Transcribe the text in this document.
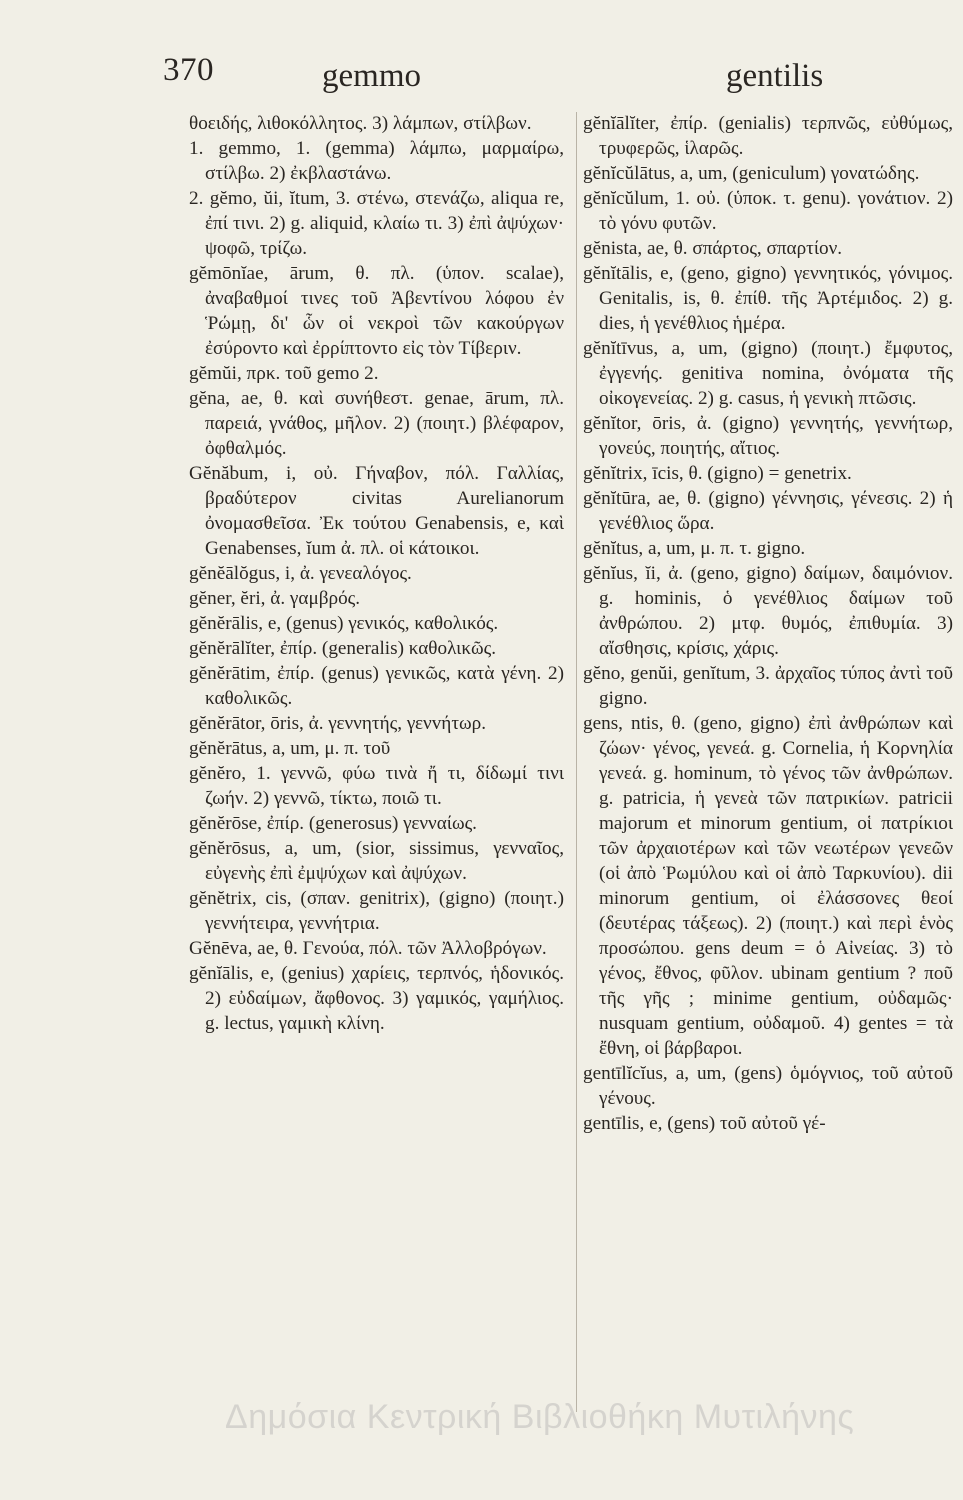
370	gemmo	gentilis

θοειδής, λιθοκόλλητος. 3) λάμπων, στίλβων.

1. gemmo, 1. (gemma) λάμπω, μαρμαίρω, στίλβω. 2) ἐκβλαστάνω.

2. gĕmo, ŭi, ĭtum, 3. στένω, στενάζω, aliqua re, ἐπί τινι. 2) g. aliquid, κλαίω τι. 3) ἐπὶ ἀψύχων· ψοφῶ, τρίζω.

gĕmōnĭae, ārum, θ. πλ. (ὑπον. scalae), ἀναβαθμοί τινες τοῦ Ἀβεντίνου λόφου ἐν Ῥώμῃ, δι' ὧν οἱ νεκροὶ τῶν κακούργων ἐσύροντο καὶ ἐρρίπτοντο εἰς τὸν Τίβεριν.

gĕmŭi, πρκ. τοῦ gemo 2.

gĕna, ae, θ. καὶ συνήθεστ. genae, ārum, πλ. παρειά, γνάθος, μῆλον. 2) (ποιητ.) βλέφαρον, ὀφθαλμός.

Gĕnăbum, i, οὐ. Γήναβον, πόλ. Γαλλίας, βραδύτερον civitas Aurelianorum ὀνομασθεῖσα. Ἐκ τούτου Genabensis, e, καὶ Genabenses, ĭum ἀ. πλ. οἱ κάτοικοι.

gĕnĕālŏgus, i, ἀ. γενεαλόγος.

gĕner, ĕri, ἀ. γαμβρός.

gĕnĕrālis, e, (genus) γενικός, καθολικός.

gĕnĕrālĭter, ἐπίρ. (generalis) καθολικῶς.

gĕnĕrātim, ἐπίρ. (genus) γενικῶς, κατὰ γένη. 2) καθολικῶς.

gĕnĕrātor, ōris, ἀ. γεννητής, γενvήτωρ.

gĕnĕrātus, a, um, μ. π. τοῦ

gĕnĕro, 1. γεννῶ, φύω τινὰ ἤ τι, δίδωμί τινι ζωήν. 2) γεννῶ, τίκτω, ποιῶ τι.

gĕnĕrōse, ἐπίρ. (generosus) γενναίως.

gĕnĕrōsus, a, um, (sior, sissimus, γενναῖος, εὐγενὴς ἐπὶ ἐμψύχων καὶ ἀψύχων.

gĕnĕtrix, cis, (σπαν. genitrix), (gigno) (ποιητ.) γεννήτειρα, γεννήτρια.

Gĕnēva, ae, θ. Γενούα, πόλ. τῶν Ἀλλοβρόγων.

gĕnĭālis, e, (genius) χαρίεις, τερπνός, ἡδονικός. 2) εὐδαίμων, ἄφθονος. 3) γαμικός, γαμήλιος. g. lectus, γαμικὴ κλίνη.

gĕnĭālĭter, ἐπίρ. (genialis) τερπνῶς, εὐθύμως, τρυφερῶς, ἱλαρῶς.

gĕnĭcŭlātus, a, um, (geniculum) γονατώδης.

gĕnĭcŭlum, 1. οὐ. (ὑποκ. τ. genu). γονάτιον. 2) τὸ γόνυ φυτῶν.

gĕnista, ae, θ. σπάρτος, σπαρτίον.

gĕnĭtālis, e, (geno, gigno) γεννητικός, γόνιμος. Genitalis, is, θ. ἐπίθ. τῆς Ἀρτέμιδος. 2) g. dies, ἡ γενέθλιος ἡμέρα.

gĕnĭtīvus, a, um, (gigno) (ποιητ.) ἔμφυτος, ἐγγενής. genitiva nomina, ὀνόματα τῆς οἰκογενείας. 2) g. casus, ἡ γενικὴ πτῶσις.

gĕnĭtor, ōris, ἀ. (gigno) γεννητής, γεννήτωρ, γονεύς, ποιητής, αἴτιος.

gĕnĭtrix, īcis, θ. (gigno) = genetrix.

gĕnĭtūra, ae, θ. (gigno) γέννησις, γένεσις. 2) ἡ γενέθλιος ὥρα.

gĕnĭtus, a, um, μ. π. τ. gigno.

gĕnĭus, ĭi, ἀ. (geno, gigno) δαίμων, δαιμόνιον. g. hominis, ὁ γενέθλιος δαίμων τοῦ ἀνθρώπου. 2) μτφ. θυμός, ἐπιθυμία. 3) αἴσθησις, κρίσις, χάρις.

gĕno, genŭi, genĭtum, 3. ἀρχαῖος τύπος ἀντὶ τοῦ gigno.

gens, ntis, θ. (geno, gigno) ἐπὶ ἀνθρώπων καὶ ζώων· γένος, γενεά. g. Cornelia, ἡ Κορνηλία γενεά. g. hominum, τὸ γένος τῶν ἀνθρώπων. g. patricia, ἡ γενεὰ τῶν πατρικίων. patricii majorum et minorum gentium, οἱ πατρίκιοι τῶν ἀρχαιοτέρων καὶ τῶν νεωτέρων γενεῶν (οἱ ἀπὸ Ῥωμύλου καὶ οἱ ἀπὸ Ταρκυνίου). dii minorum gentium, οἱ ἐλάσσονες θεοί (δευτέρας τάξεως). 2) (ποιητ.) καὶ περὶ ἑνὸς προσώπου. gens deum = ὁ Αἰνείας. 3) τὸ γένος, ἔθνος, φῦλον. ubinam gentium ? ποῦ τῆς γῆς ; minime gentium, οὐδαμῶς· nusquam gentium, οὐδαμοῦ. 4) gentes = τὰ ἔθνη, οἱ βάρβαροι.

gentīlĭcĭus, a, um, (gens) ὁμόγνιος, τοῦ αὐτοῦ γένους.

gentīlis, e, (gens) τοῦ αὐτοῦ γέ-

Δημόσια Κεντρική Βιβλιοθήκη Μυτιλήνης
